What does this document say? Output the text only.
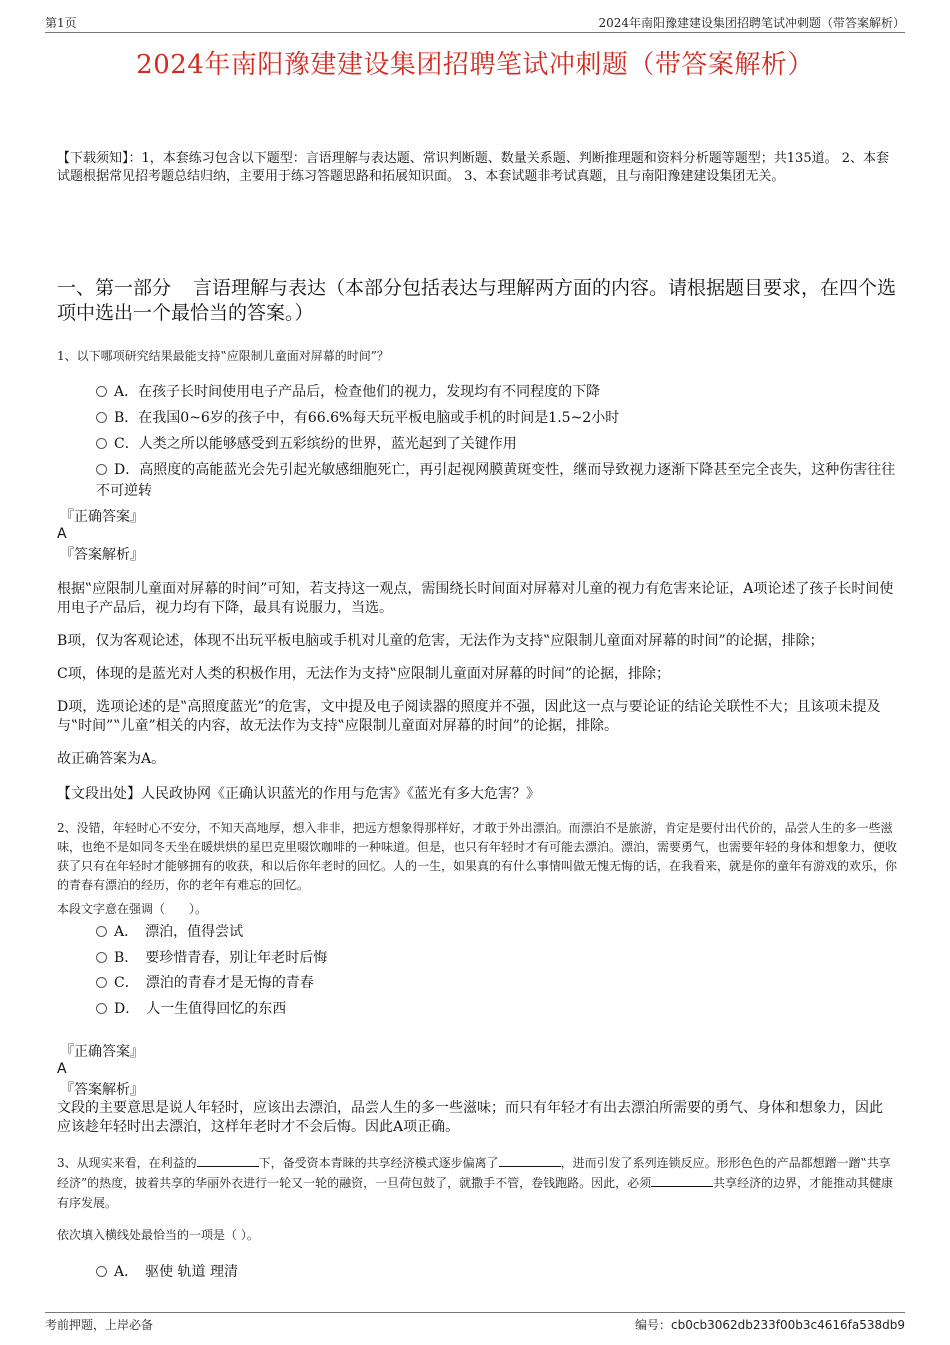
第1页	2024年南阳豫建建设集团招聘笔试冲刺题（带答案解析）
2024年南阳豫建建设集团招聘笔试冲刺题（带答案解析）
【下载须知】：1，本套练习包含以下题型：言语理解与表达题、常识判断题、数量关系题、判断推理题和资料分析题等题型；共135道。 2、本套试题根据常见招考题总结归纳，主要用于练习答题思路和拓展知识面。 3、本套试题非考试真题，且与南阳豫建建设集团无关。
一、第一部分 言语理解与表达（本部分包括表达与理解两方面的内容。请根据题目要求，在四个选项中选出一个最恰当的答案。）
1、以下哪项研究结果最能支持‟应限制儿童面对屏幕的时间”？
A．在孩子长时间使用电子产品后，检查他们的视力，发现均有不同程度的下降
B．在我国0~6岁的孩子中，有66.6%每天玩平板电脑或手机的时间是1.5~2小时
C．人类之所以能够感受到五彩缤纷的世界，蓝光起到了关键作用
D．高照度的高能蓝光会先引起光敏感细胞死亡，再引起视网膜黄斑变性，继而导致视力逐渐下降甚至完全丧失，这种伤害往往不可逆转
『正确答案』
A
『答案解析』
根据‟应限制儿童面对屏幕的时间”可知，若支持这一观点，需围绕长时间面对屏幕对儿童的视力有危害来论证，A项论述了孩子长时间使用电子产品后，视力均有下降，最具有说服力，当选。
B项，仅为客观论述，体现不出玩平板电脑或手机对儿童的危害，无法作为支持‟应限制儿童面对屏幕的时间”的论据，排除；
C项，体现的是蓝光对人类的积极作用，无法作为支持‟应限制儿童面对屏幕的时间”的论据，排除；
D项，选项论述的是‟高照度蓝光”的危害，文中提及电子阅读器的照度并不强，因此这一点与要论证的结论关联性不大；且该项未提及与‟时间”‟儿童”相关的内容，故无法作为支持‟应限制儿童面对屏幕的时间”的论据，排除。
故正确答案为A。
【文段出处】人民政协网《正确认识蓝光的作用与危害》《蓝光有多大危害？》
2、没错，年轻时心不安分，不知天高地厚，想入非非，把远方想象得那样好，才敢于外出漂泊。而漂泊不是旅游，肯定是要付出代价的，品尝人生的多一些滋味，也绝不是如同冬天坐在暖烘烘的星巴克里啜饮咖啡的一种味道。但是，也只有年轻时才有可能去漂泊。漂泊，需要勇气，也需要年轻的身体和想象力，便收获了只有在年轻时才能够拥有的收获，和以后你年老时的回忆。人的一生，如果真的有什么事情叫做无愧无悔的话，在我看来，就是你的童年有游戏的欢乐，你的青春有漂泊的经历，你的老年有难忘的回忆。
本段文字意在强调（　　）。
A．　漂泊，值得尝试
B．　要珍惜青春，别让年老时后悔
C．　漂泊的青春才是无悔的青春
D．　人一生值得回忆的东西
『正确答案』
A
『答案解析』
文段的主要意思是说人年轻时，应该出去漂泊，品尝人生的多一些滋味；而只有年轻才有出去漂泊所需要的勇气、身体和想象力，因此应该趁年轻时出去漂泊，这样年老时才不会后悔。因此A项正确。
3、从现实来看，在利益的	下，备受资本青睐的共享经济模式逐步偏离了	，进而引发了系列连锁反应。形形色色的产品都想蹭一蹭‟共享经济”的热度，披着共享的华丽外衣进行一轮又一轮的融资，一旦荷包鼓了，就撒手不管，卷钱跑路。因此，必须	共享经济的边界，才能推动其健康有序发展。
依次填入横线处最恰当的一项是（ ）。
A．　驱使 轨道 理清
考前押题，上岸必备	编号：cb0cb3062db233f00b3c4616fa538db9
